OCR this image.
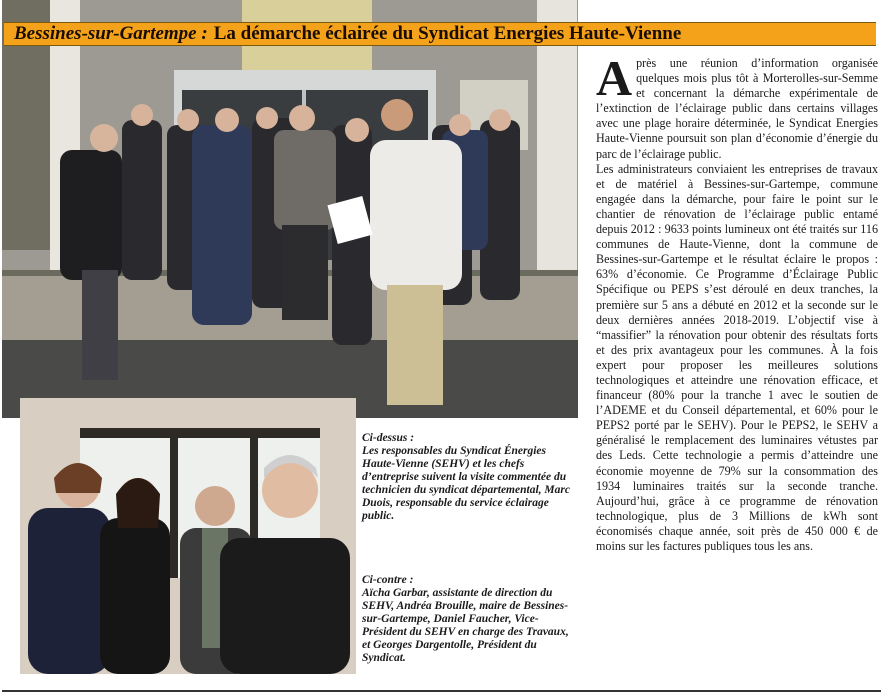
Bessines-sur-Gartempe : La démarche éclairée du Syndicat Energies Haute-Vienne

Après une réunion d’information organisée quelques mois plus tôt à Morterolles-sur-Semme et concernant la démarche expérimentale de l’extinction de l’éclairage public dans certains villages avec une plage horaire déterminée, le Syndicat Energies Haute-Vienne poursuit son plan d’économie d’énergie du parc de l’éclairage public.

Les administrateurs conviaient les entreprises de travaux et de matériel à Bessines-sur-Gartempe, commune engagée dans la démarche, pour faire le point sur le chantier de rénovation de l’éclairage public entamé depuis 2012 : 9633 points lumineux ont été traités sur 116 communes de Haute-Vienne, dont la commune de Bessines-sur-Gartempe et le résultat éclaire le propos : 63% d’économie. Ce Programme d’Éclairage Public Spécifique ou PEPS s’est déroulé en deux tranches, la première sur 5 ans a débuté en 2012 et la seconde sur le deux dernières années 2018-2019. L’objectif vise à “massifier” la rénovation pour obtenir des résultats forts et des prix avantageux pour les communes. À la fois expert pour proposer les meilleures solutions technologiques et atteindre une rénovation efficace, et financeur (80% pour la tranche 1 avec le soutien de l’ADEME et du Conseil départemental, et 60% pour le PEPS2 porté par le SEHV). Pour le PEPS2, le SEHV a généralisé le remplacement des luminaires vétustes par des Leds. Cette technologie a permis d’atteindre une économie moyenne de 79% sur la consommation des 1934 luminaires traités sur la seconde tranche. Aujourd’hui, grâce à ce programme de rénovation technologique, plus de 3 Millions de kWh sont économisés chaque année, soit près de 450 000 € de moins sur les factures publiques tous les ans.

Ci-dessus :
Les responsables du Syndicat Énergies Haute-Vienne (SEHV) et les chefs d’entreprise suivent la visite commentée du technicien du syndicat départemental, Marc Duois, responsable du service éclairage public.
Ci-contre :
Aïcha Garbar, assistante de direction du SEHV, Andréa Brouille, maire de Bessines-sur-Gartempe, Daniel Faucher, Vice-Président du SEHV en charge des Travaux, et Georges Dargentolle, Président du Syndicat.
